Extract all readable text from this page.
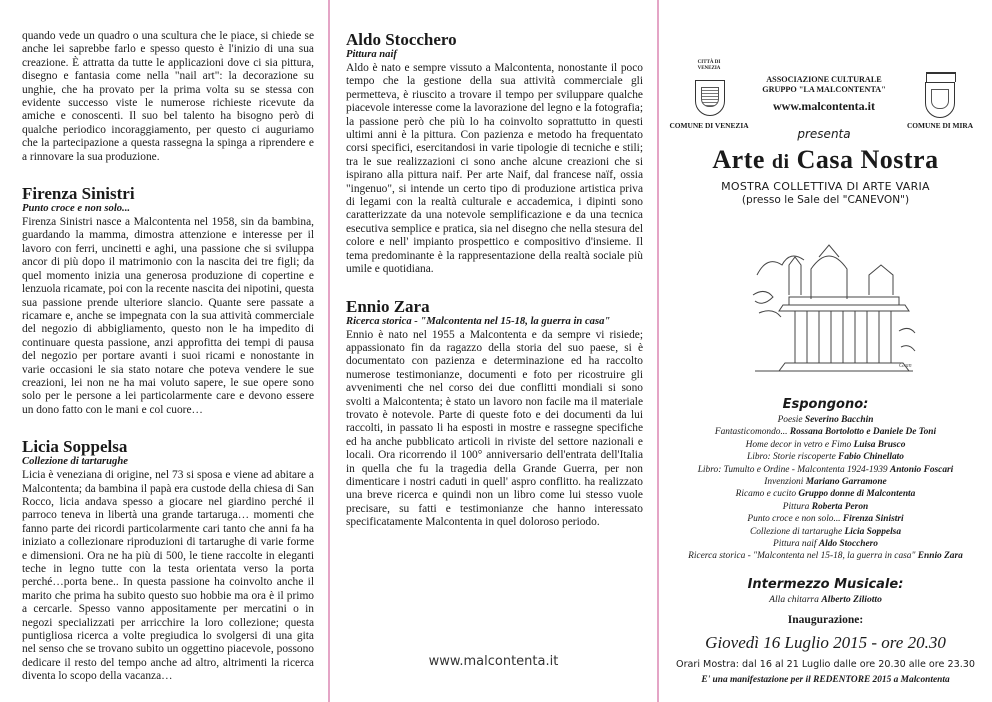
quando vede un quadro o una scultura che le piace, si chiede se anche lei saprebbe farlo e spesso questo è l'inizio di una sua creazione. È attratta da tutte le applicazioni dove ci sia pittura, disegno e fantasia come nella "nail art": la decorazione su unghie, che ha provato per la prima volta su se stessa con evidente successo viste le numerose richieste ricevute da amiche e conoscenti. Il suo bel talento ha bisogno però di qualche periodico incoraggiamento, per questo ci auguriamo che la partecipazione a questa rassegna la spinga a riprendere e a rinnovare la sua produzione.

Firenza Sinistri
Punto croce e non solo...

Firenza Sinistri nasce a Malcontenta nel 1958, sin da bambina, guardando la mamma, dimostra attenzione e interesse per il lavoro con ferri, uncinetti e aghi, una passione che si sviluppa ancor di più dopo il matrimonio con la nascita dei tre figli; da quel momento inizia una generosa produzione di copertine e lenzuola ricamate, poi con la recente nascita dei nipotini, questa sua passione prende ulteriore slancio. Quante sere passate a ricamare e, anche se impegnata con la sua attività commerciale del negozio di abbigliamento, questo non le ha impedito di continuare questa passione, anzi approfitta dei tempi di pausa del negozio per portare avanti i suoi ricami e nonostante in varie occasioni le sia stato notare che poteva vendere le sue creazioni, lei non ne ha mai voluto sapere, le sue opere sono solo per le persone a lei particolarmente care e devono essere un dono fatto con le mani e col cuore…

Licia Soppelsa
Collezione di tartarughe

Licia è veneziana di origine, nel 73 si sposa e viene ad abitare a Malcontenta; da bambina il papà era custode della chiesa di San Rocco, licia andava spesso a giocare nel giardino perché il parroco teneva in libertà una grande tartaruga… momenti che fanno parte dei ricordi particolarmente cari tanto che anni fa ha iniziato a collezionare riproduzioni di tartarughe di varie forme e dimensioni. Ora ne ha più di 500, le tiene raccolte in eleganti teche in legno tutte con la testa orientata verso la porta perché…porta bene.. In questa passione ha coinvolto anche il marito che prima ha subito questo suo hobbie ma ora è il primo a cercarle. Spesso vanno appositamente per mercatini o in negozi specializzati per arricchire la loro collezione; questa puntigliosa ricerca a volte pregiudica lo svolgersi di una gita nel senso che se trovano subito un oggettino piacevole, possono dedicare il resto del tempo anche ad altro, altrimenti la ricerca diventa lo scopo della vacanza…

Aldo Stocchero
Pittura naif

Aldo è nato e sempre vissuto a Malcontenta, nonostante il poco tempo che la gestione della sua attività commerciale gli permetteva, è riuscito a trovare il tempo per sviluppare qualche piacevole interesse come la lavorazione del legno e la fotografia; la passione però che più lo ha coinvolto soprattutto in questi ultimi anni è la pittura. Con pazienza e metodo ha frequentato corsi specifici, esercitandosi in varie tipologie di tecniche e stili; tra le sue realizzazioni ci sono anche alcune creazioni che si ispirano alla pittura naif. Per arte Naif, dal francese naïf, ossia "ingenuo", si intende un certo tipo di produzione artistica priva di legami con la realtà culturale e accademica, i dipinti sono caratterizzate da una notevole semplificazione e da una tecnica esecutiva semplice e pratica, sia nel disegno che nella stesura del colore e nell' impianto prospettico e compositivo d'insieme. Il tema predominante è la rappresentazione della realtà sociale più umile e quotidiana.

Ennio Zara
Ricerca storica - "Malcontenta nel 15-18, la guerra in casa"

Ennio è nato nel 1955 a Malcontenta e da sempre vi risiede; appassionato fin da ragazzo della storia del suo paese, si è documentato con pazienza e determinazione ed ha raccolto numerose testimonianze, documenti e foto per ricostruire gli avvenimenti che nel corso dei due conflitti mondiali si sono svolti a Malcontenta; è stato un lavoro non facile ma il materiale trovato è notevole. Parte di queste foto e dei documenti da lui raccolti, in passato li ha esposti in mostre e rassegne specifiche ed ha anche pubblicato articoli in riviste del settore nazionali e locali. Ora ricorrendo il 100° anniversario dell'entrata dell'Italia in quella che fu la tragedia della Grande Guerra, per non dimenticare i nostri caduti in quell' aspro conflitto. ha realizzato una breve ricerca e quindi non un libro come lui stesso vuole precisare, su fatti e testimonianze che hanno interessato specificatamente Malcontenta in quel doloroso periodo.

www.malcontenta.it
CITTÀ DI VENEZIA
COMUNE DI VENEZIA
ASSOCIAZIONE CULTURALE
GRUPPO "LA MALCONTENTA"
www.malcontenta.it
COMUNE DI MIRA
presenta
Arte di Casa Nostra
MOSTRA COLLETTIVA DI ARTE VARIA
(presso le Sale del "CANEVON")
Gran
Espongono:
Poesie Severino Bacchin
Fantasticomondo... Rossana Bortolotto e Daniele De Toni
Home decor in vetro e Fimo Luisa Brusco
Libro: Storie riscoperte Fabio Chinellato
Libro: Tumulto e Ordine - Malcontenta 1924-1939 Antonio Foscari
Invenzioni Mariano Garramone
Ricamo e cucito Gruppo donne di Malcontenta
Pittura Roberta Peron
Punto croce e non solo... Firenza Sinistri
Collezione di tartarughe Licia Soppelsa
Pittura naif Aldo Stocchero
Ricerca storica - "Malcontenta nel 15-18, la guerra in casa" Ennio Zara
Intermezzo Musicale:
Alla chitarra Alberto Ziliotto
Inaugurazione:
Giovedì 16 Luglio 2015 - ore 20.30
Orari Mostra: dal 16 al 21 Luglio dalle ore 20.30 alle ore 23.30
E' una manifestazione per il REDENTORE 2015 a Malcontenta
